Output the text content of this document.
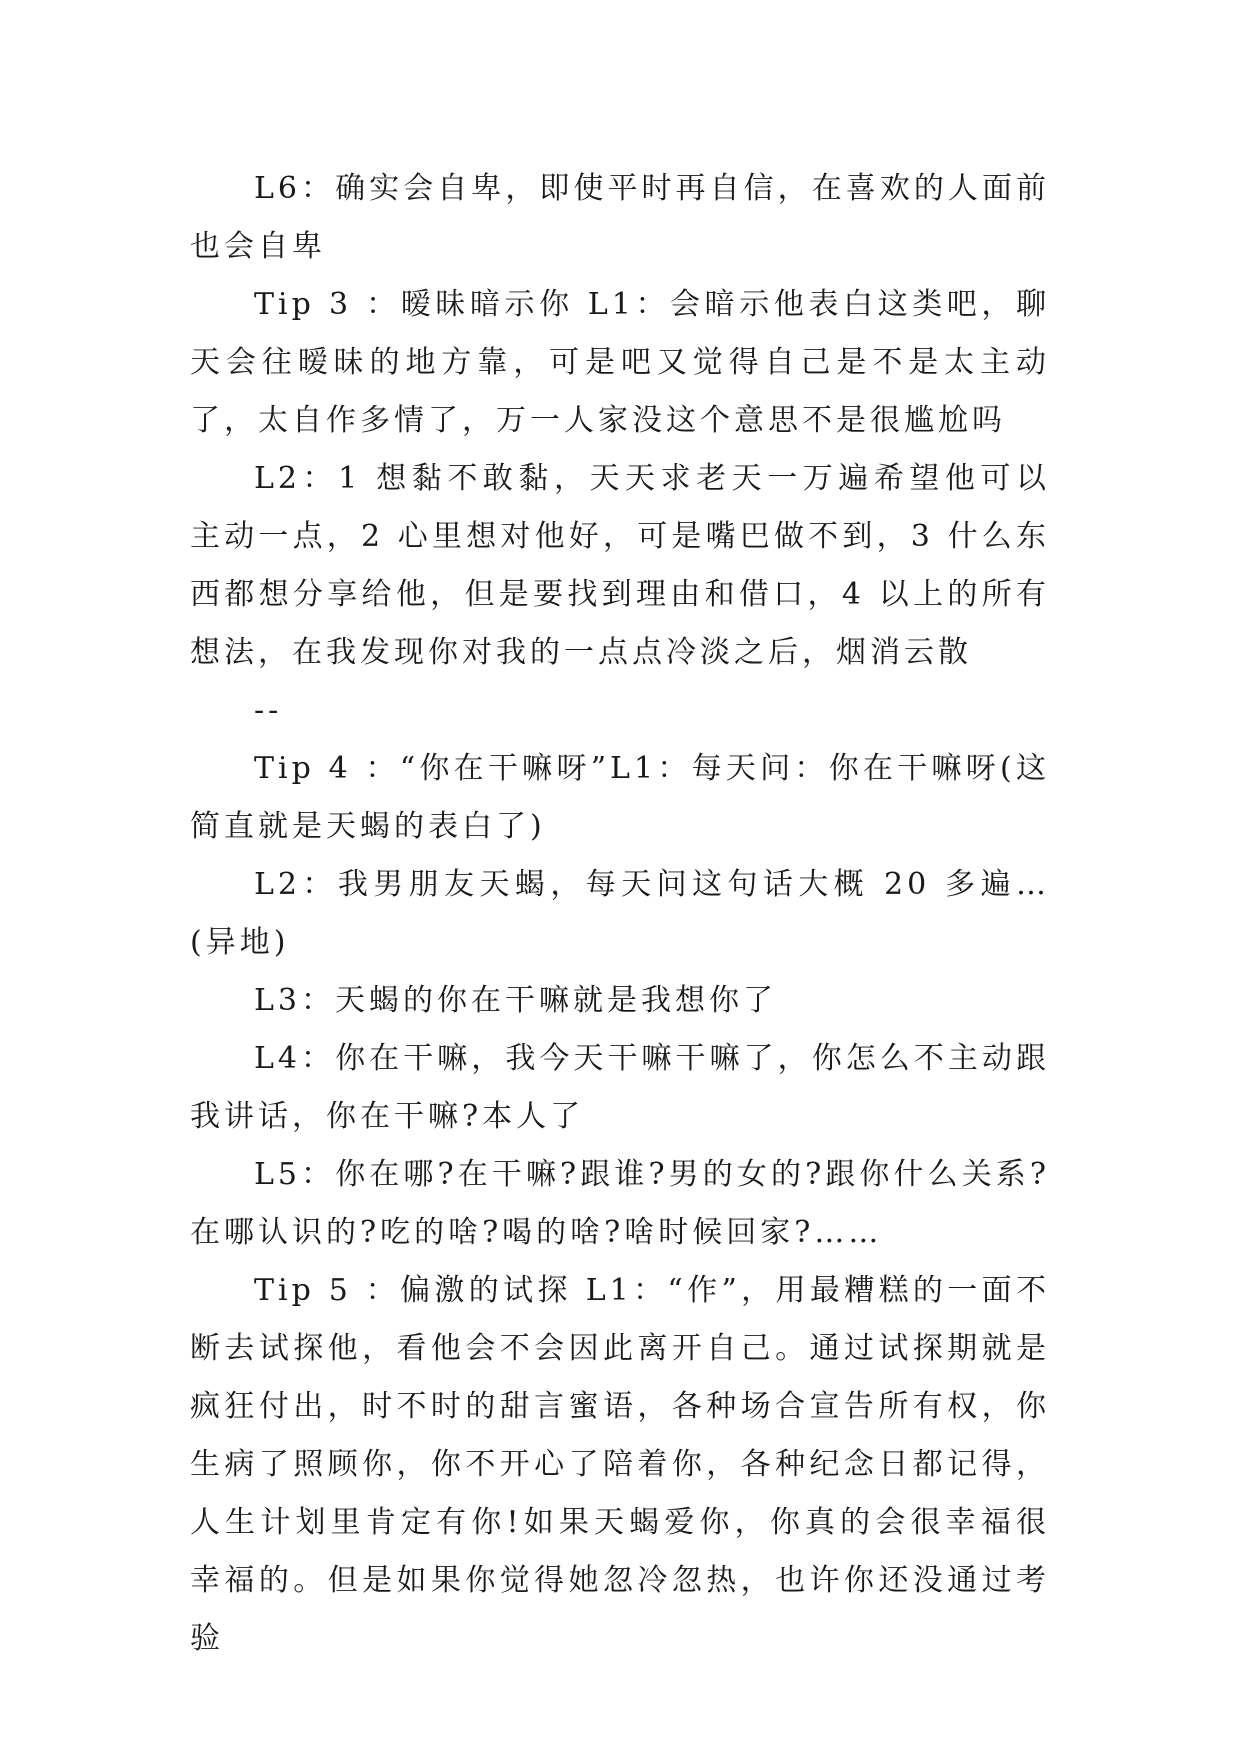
L6：确实会自卑，即使平时再自信，在喜欢的人面前也会自卑

Tip 3 ：暧昧暗示你 L1：会暗示他表白这类吧，聊天会往暧昧的地方靠，可是吧又觉得自己是不是太主动了，太自作多情了，万一人家没这个意思不是很尴尬吗

L2：1 想黏不敢黏，天天求老天一万遍希望他可以主动一点，2 心里想对他好，可是嘴巴做不到，3 什么东西都想分享给他，但是要找到理由和借口，4 以上的所有想法，在我发现你对我的一点点冷淡之后，烟消云散

--

Tip 4 ：“你在干嘛呀”L1：每天问：你在干嘛呀(这简直就是天蝎的表白了)

L2：我男朋友天蝎，每天问这句话大概 20 多遍…(异地)

L3：天蝎的你在干嘛就是我想你了

L4：你在干嘛，我今天干嘛干嘛了，你怎么不主动跟我讲话，你在干嘛?本人了

L5：你在哪?在干嘛?跟谁?男的女的?跟你什么关系?在哪认识的?吃的啥?喝的啥?啥时候回家?……

Tip 5 ：偏激的试探 L1：“作”，用最糟糕的一面不断去试探他，看他会不会因此离开自己。通过试探期就是疯狂付出，时不时的甜言蜜语，各种场合宣告所有权，你生病了照顾你，你不开心了陪着你，各种纪念日都记得，人生计划里肯定有你!如果天蝎爱你，你真的会很幸福很幸福的。但是如果你觉得她忽冷忽热，也许你还没通过考验
